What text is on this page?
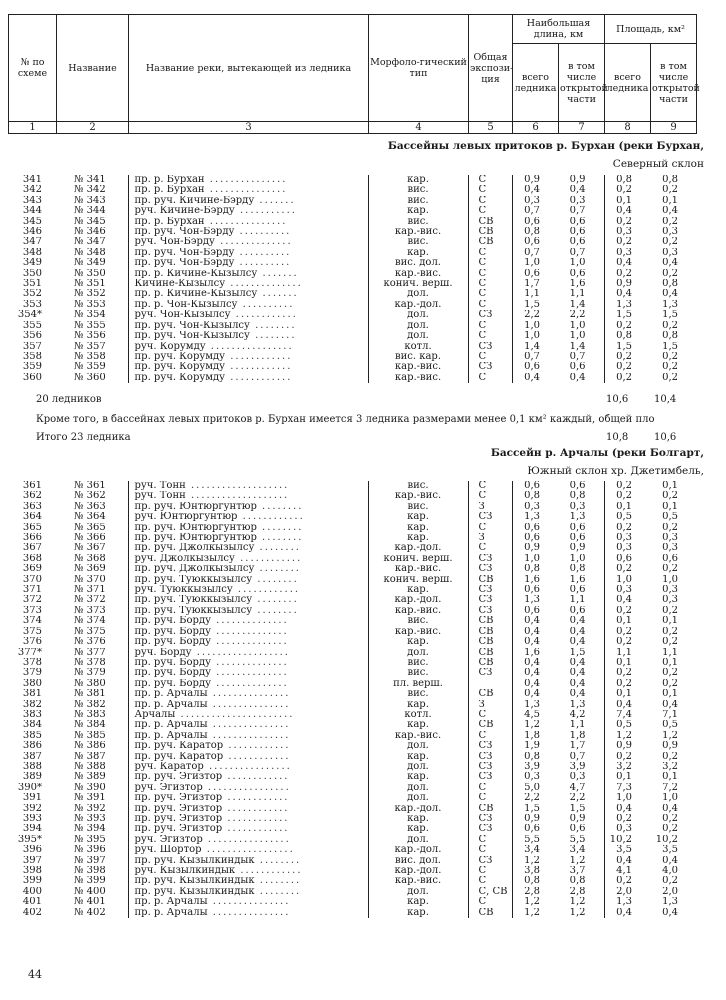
№ по схеме	Название	Название реки, вытекающей из ледника	Морфоло-гический тип	Общая экспози-ция	Наибольшая длина, км		Площадь, км²	
					всего ледника	в том числе открытой части	всего ледника	в том числе открытой части
1	2	3	4	5	6	7	8	9
Бассейны левых притоков р. Бурхан (реки Бурхан,
Северный склон
341	№ 341	пр. р. Бурхан ...............	кар.	С	0,9	0,9	0,8	0,8
342	№ 342	пр. р. Бурхан ...............	вис.	С	0,4	0,4	0,2	0,2
343	№ 343	пр. руч. Кичине-Бэрду .......	вис.	С	0,3	0,3	0,1	0,1
344	№ 344	руч. Кичине-Бэрду ...........	кар.	С	0,7	0,7	0,4	0,4
345	№ 345	пр. р. Бурхан ...............	вис.	СВ	0,6	0,6	0,2	0,2
346	№ 346	пр. руч. Чон-Бэрду ..........	кар.-вис.	СВ	0,8	0,6	0,3	0,3
347	№ 347	руч. Чон-Бэрду ..............	вис.	СВ	0,6	0,6	0,2	0,2
348	№ 348	пр. руч. Чон-Бэрду ..........	кар.	С	0,7	0,7	0,3	0,3
349	№ 349	пр. руч. Чон-Бэрду ..........	вис. дол.	С	1,0	1,0	0,4	0,4
350	№ 350	пр. р. Кичине-Кызылсу .......	кар.-вис.	С	0,6	0,6	0,2	0,2
351	№ 351	Кичине-Кызылсу ..............	конич. верш.	С	1,7	1,6	0,9	0,8
352	№ 352	пр. р. Кичине-Кызылсу .......	дол.	С	1,1	1,1	0,4	0,4
353	№ 353	пр. р. Чон-Кызылсу ..........	кар.-дол.	С	1,5	1,4	1,3	1,3
354*	№ 354	руч. Чон-Кызылсу ............	дол.	СЗ	2,2	2,2	1,5	1,5
355	№ 355	пр. руч. Чон-Кызылсу ........	дол.	С	1,0	1,0	0,2	0,2
356	№ 356	пр. руч. Чон-Кызылсу ........	дол.	С	1,0	1,0	0,8	0,8
357	№ 357	руч. Корумду ................	котл.	СЗ	1,4	1,4	1,5	1,5
358	№ 358	пр. руч. Корумду ............	вис. кар.	С	0,7	0,7	0,2	0,2
359	№ 359	пр. руч. Корумду ............	кар.-вис.	СЗ	0,6	0,6	0,2	0,2
360	№ 360	пр. руч. Корумду ............	кар.-вис.	С	0,4	0,4	0,2	0,2
20 ледников	10,6	10,4
Кроме того, в бассейнах левых притоков р. Бурхан имеется 3 ледника размерами менее 0,1 км² каждый, общей пло
Итого 23 ледника	10,8	10,6
Бассейн р. Арчалы (реки Болгарт,
Южный склон хр. Джетимбель,
361	№ 361	руч. Тонн ...................	вис.	С	0,6	0,6	0,2	0,1
362	№ 362	руч. Тонн ...................	кар.-вис.	С	0,8	0,8	0,2	0,2
363	№ 363	пр. руч. Юнтюргунтюр ........	вис.	З	0,3	0,3	0,1	0,1
364	№ 364	руч. Юнтюргунтюр ............	кар.	СЗ	1,3	1,3	0,5	0,5
365	№ 365	пр. руч. Юнтюргунтюр ........	кар.	С	0,6	0,6	0,2	0,2
366	№ 366	пр. руч. Юнтюргунтюр ........	кар.	З	0,6	0,6	0,3	0,3
367	№ 367	пр. руч. Джолкызылсу ........	кар.-дол.	С	0,9	0,9	0,3	0,3
368	№ 368	руч. Джолкызылсу ............	конич. верш.	СЗ	1,0	1,0	0,6	0,6
369	№ 369	пр. руч. Джолкызылсу ........	кар.-вис.	СЗ	0,8	0,8	0,2	0,2
370	№ 370	пр. руч. Туюккызылсу ........	конич. верш.	СВ	1,6	1,6	1,0	1,0
371	№ 371	руч. Туюккызылсу ............	кар.	СЗ	0,6	0,6	0,3	0,3
372	№ 372	пр. руч. Туюккызылсу ........	кар.-дол.	СЗ	1,3	1,1	0,4	0,3
373	№ 373	пр. руч. Туюккызылсу ........	кар.-вис.	СЗ	0,6	0,6	0,2	0,2
374	№ 374	пр. руч. Борду ..............	вис.	СВ	0,4	0,4	0,1	0,1
375	№ 375	пр. руч. Борду ..............	кар.-вис.	СВ	0,4	0,4	0,2	0,2
376	№ 376	пр. руч. Борду ..............	кар.	СВ	0,4	0,4	0,2	0,2
377*	№ 377	руч. Борду ..................	дол.	СВ	1,6	1,5	1,1	1,1
378	№ 378	пр. руч. Борду ..............	вис.	СВ	0,4	0,4	0,1	0,1
379	№ 379	пр. руч. Борду ..............	вис.	СЗ	0,4	0,4	0,2	0,2
380	№ 380	пр. руч. Борду ..............	пл. верш.		0,4	0,4	0,2	0,2
381	№ 381	пр. р. Арчалы ...............	вис.	СВ	0,4	0,4	0,1	0,1
382	№ 382	пр. р. Арчалы ...............	кар.	З	1,3	1,3	0,4	0,4
383	№ 383	Арчалы ......................	котл.	С	4,5	4,2	7,4	7,1
384	№ 384	пр. р. Арчалы ...............	кар.	СВ	1,2	1,1	0,5	0,5
385	№ 385	пр. р. Арчалы ...............	кар.-вис.	С	1,8	1,8	1,2	1,2
386	№ 386	пр. руч. Каратор ............	дол.	СЗ	1,9	1,7	0,9	0,9
387	№ 387	пр. руч. Каратор ............	кар.	СЗ	0,8	0,7	0,2	0,2
388	№ 388	руч. Каратор ................	дол.	СЗ	3,9	3,9	3,2	3,2
389	№ 389	пр. руч. Эгизтор ............	кар.	СЗ	0,3	0,3	0,1	0,1
390*	№ 390	руч. Эгизтор ................	дол.	С	5,0	4,7	7,3	7,2
391	№ 391	пр. руч. Эгизтор ............	дол.	С	2,2	2,2	1,0	1,0
392	№ 392	пр. руч. Эгизтор ............	кар.-дол.	СВ	1,5	1,5	0,4	0,4
393	№ 393	пр. руч. Эгизтор ............	кар.	СЗ	0,9	0,9	0,2	0,2
394	№ 394	пр. руч. Эгизтор ............	кар.	СЗ	0,6	0,6	0,3	0,2
395*	№ 395	руч. Эгизтор ................	дол.	С	5,5	5,5	10,2	10,2
396	№ 396	руч. Шортор .................	кар.-дол.	С	3,4	3,4	3,5	3,5
397	№ 397	пр. руч. Кызылкиндык ........	вис. дол.	СЗ	1,2	1,2	0,4	0,4
398	№ 398	руч. Кызылкиндык ............	кар.-дол.	С	3,8	3,7	4,1	4,0
399	№ 399	пр. руч. Кызылкиндык ........	кар.-вис.	С	0,8	0,8	0,2	0,2
400	№ 400	пр. руч. Кызылкиндык ........	дол.	С, СВ	2,8	2,8	2,0	2,0
401	№ 401	пр. р. Арчалы ...............	кар.	С	1,2	1,2	1,3	1,3
402	№ 402	пр. р. Арчалы ...............	кар.	СВ	1,2	1,2	0,4	0,4
44
